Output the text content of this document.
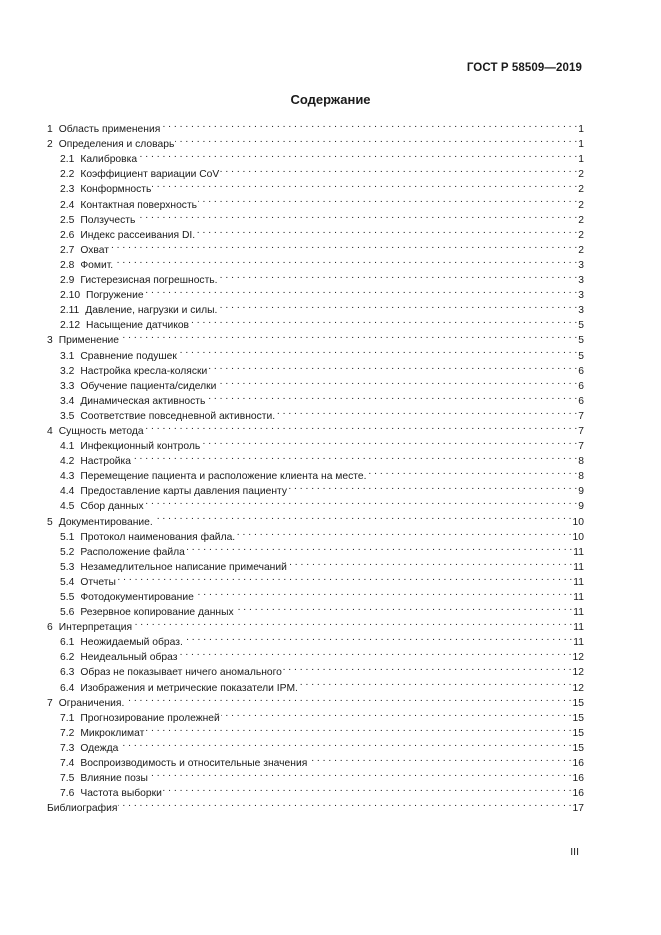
ГОСТ Р 58509—2019
Содержание
1 Область применения . . .	1
2 Определения и словарь . . .	1
2.1 Калибровка . . .	1
2.2 Коэффициент вариации CoV . . .	2
2.3 Конформность . . .	2
2.4 Контактная поверхность . . .	2
2.5 Ползучесть . . .	2
2.6 Индекс рассеивания DI. . . .	2
2.7 Охват . . .	2
2.8 Фомит. . . .	3
2.9 Гистерезисная погрешность. . . .	3
2.10 Погружение . . .	3
2.11 Давление, нагрузки и силы. . . .	3
2.12 Насыщение датчиков . . .	5
3 Применение . . .	5
3.1 Сравнение подушек . . .	5
3.2 Настройка кресла-коляски . . .	6
3.3 Обучение пациента/сиделки . . .	6
3.4 Динамическая активность . . .	6
3.5 Соответствие повседневной активности. . . .	7
4 Сущность метода . . .	7
4.1 Инфекционный контроль . . .	7
4.2 Настройка . . .	8
4.3 Перемещение пациента и расположение клиента на месте. . . .	8
4.4 Предоставление карты давления пациенту . . .	9
4.5 Сбор данных . . .	9
5 Документирование. . . .	10
5.1 Протокол наименования файла. . . .	10
5.2 Расположение файла . . .	11
5.3 Незамедлительное написание примечаний . . .	11
5.4 Отчеты . . .	11
5.5 Фотодокументирование . . .	11
5.6 Резервное копирование данных . . .	11
6 Интерпретация . . .	11
6.1 Неожидаемый образ. . . .	11
6.2 Неидеальный образ . . .	12
6.3 Образ не показывает ничего аномального . . .	12
6.4 Изображения и метрические показатели IPM. . . .	12
7 Ограничения. . . .	15
7.1 Прогнозирование пролежней . . .	15
7.2 Микроклимат . . .	15
7.3 Одежда . . .	15
7.4 Воспроизводимость и относительные значения . . .	16
7.5 Влияние позы . . .	16
7.6 Частота выборки . . .	16
Библиография . . .	17
III
